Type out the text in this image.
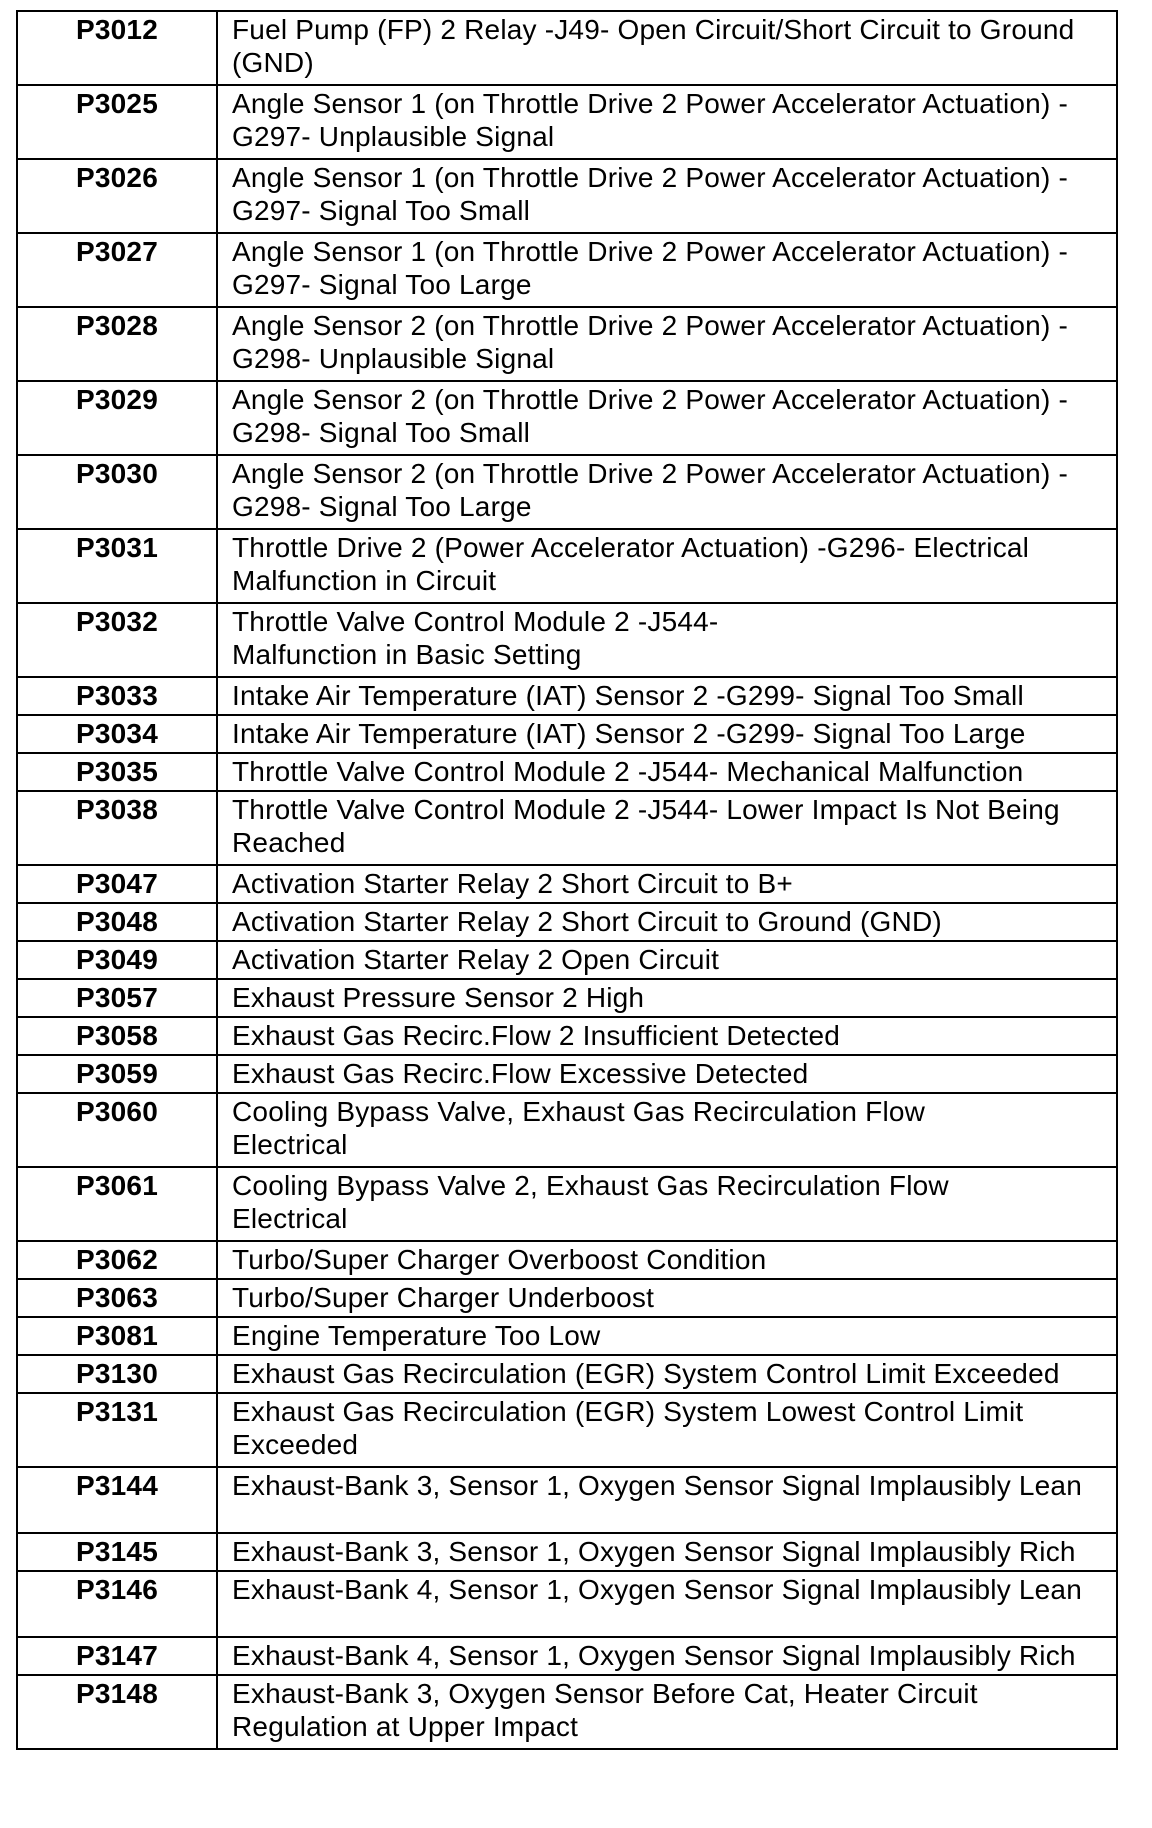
P3012	Fuel Pump (FP) 2 Relay -J49- Open Circuit/Short Circuit to Ground (GND)
P3025	Angle Sensor 1 (on Throttle Drive 2 Power Accelerator Actuation) -G297- Unplausible Signal
P3026	Angle Sensor 1 (on Throttle Drive 2 Power Accelerator Actuation) -G297- Signal Too Small
P3027	Angle Sensor 1 (on Throttle Drive 2 Power Accelerator Actuation) -G297- Signal Too Large
P3028	Angle Sensor 2 (on Throttle Drive 2 Power Accelerator Actuation) -G298- Unplausible Signal
P3029	Angle Sensor 2 (on Throttle Drive 2 Power Accelerator Actuation) -G298- Signal Too Small
P3030	Angle Sensor 2 (on Throttle Drive 2 Power Accelerator Actuation) -G298- Signal Too Large
P3031	Throttle Drive 2 (Power Accelerator Actuation) -G296- Electrical Malfunction in Circuit
P3032	Throttle Valve Control Module 2 -J544-
Malfunction in Basic Setting
P3033	Intake Air Temperature (IAT) Sensor 2 -G299- Signal Too Small
P3034	Intake Air Temperature (IAT) Sensor 2 -G299- Signal Too Large
P3035	Throttle Valve Control Module 2 -J544- Mechanical Malfunction
P3038	Throttle Valve Control Module 2 -J544- Lower Impact Is Not Being Reached
P3047	Activation Starter Relay 2 Short Circuit to B+
P3048	Activation Starter Relay 2 Short Circuit to Ground (GND)
P3049	Activation Starter Relay 2 Open Circuit
P3057	Exhaust Pressure Sensor 2 High
P3058	Exhaust Gas Recirc.Flow 2 Insufficient Detected
P3059	Exhaust Gas Recirc.Flow Excessive Detected
P3060	Cooling Bypass Valve, Exhaust Gas Recirculation Flow
Electrical
P3061	Cooling Bypass Valve 2, Exhaust Gas Recirculation Flow
Electrical
P3062	Turbo/Super Charger Overboost Condition
P3063	Turbo/Super Charger Underboost
P3081	Engine Temperature Too Low
P3130	Exhaust Gas Recirculation (EGR) System Control Limit Exceeded
P3131	Exhaust Gas Recirculation (EGR) System Lowest Control Limit Exceeded
P3144	Exhaust-Bank 3, Sensor 1, Oxygen Sensor Signal Implausibly Lean
P3145	Exhaust-Bank 3, Sensor 1, Oxygen Sensor Signal Implausibly Rich
P3146	Exhaust-Bank 4, Sensor 1, Oxygen Sensor Signal Implausibly Lean
P3147	Exhaust-Bank 4, Sensor 1, Oxygen Sensor Signal Implausibly Rich
P3148	Exhaust-Bank 3, Oxygen Sensor Before Cat, Heater Circuit
Regulation at Upper Impact
